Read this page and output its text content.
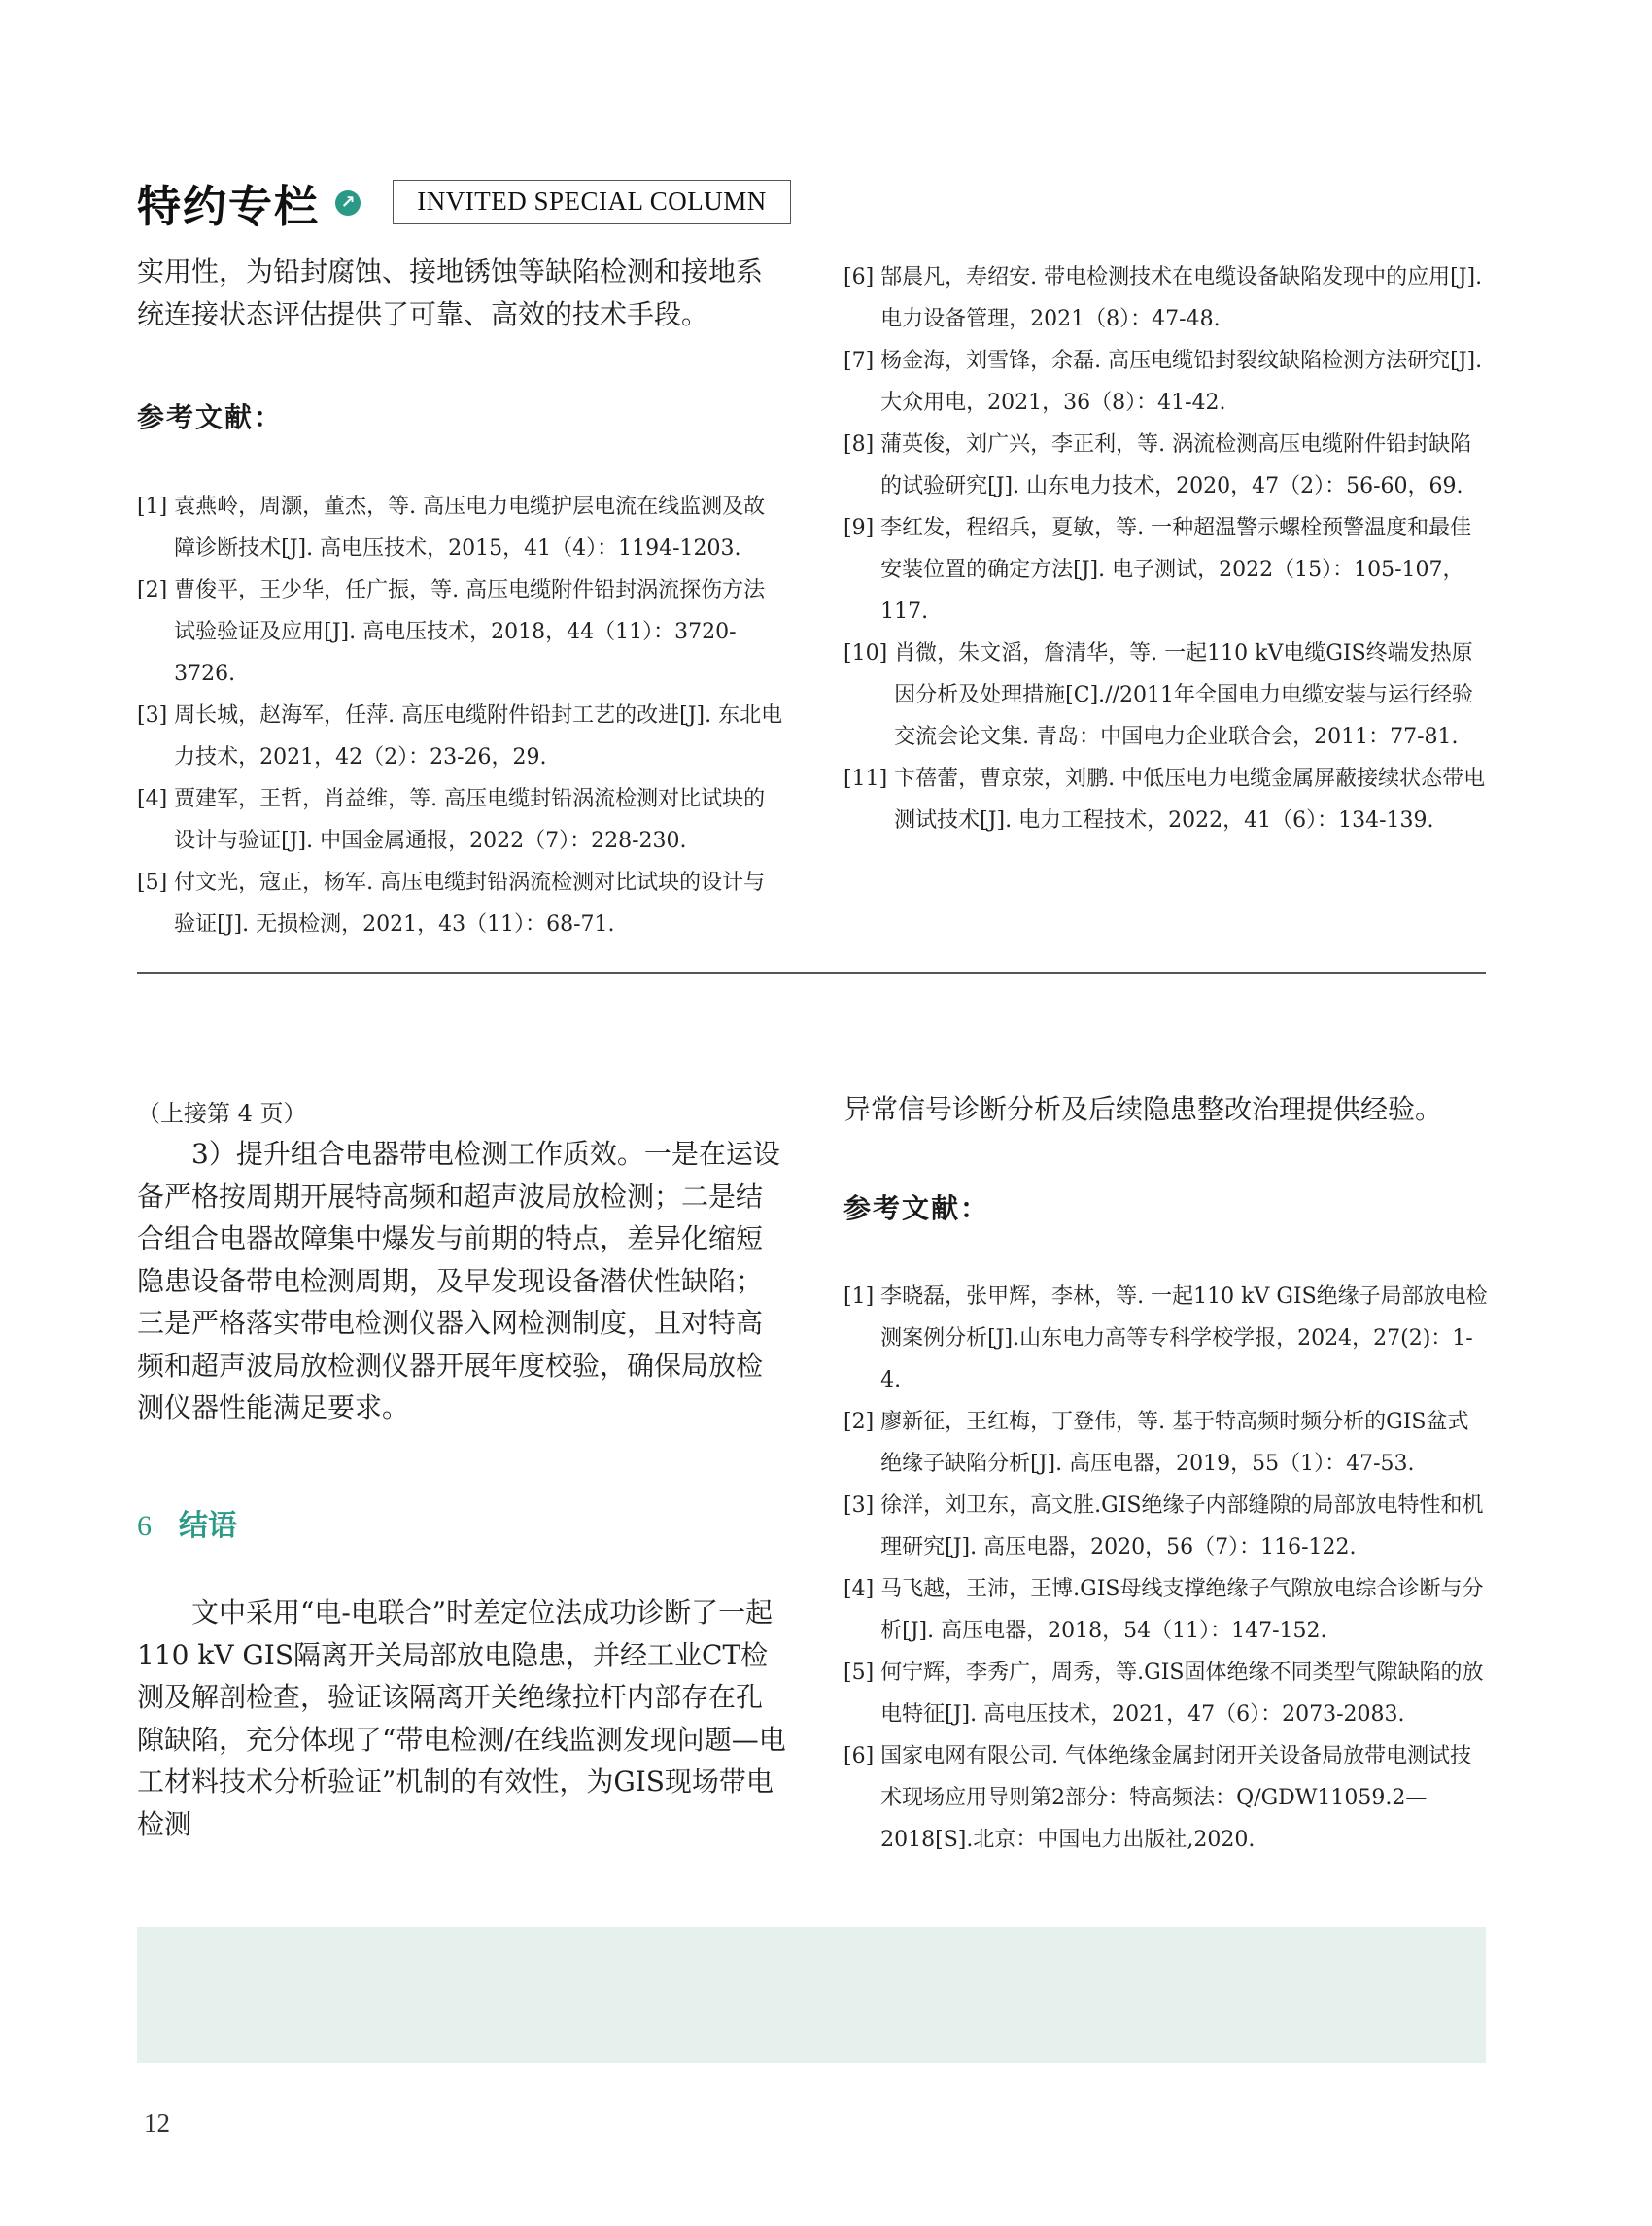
特约专栏	↗	INVITED SPECIAL COLUMN

实用性，为铅封腐蚀、接地锈蚀等缺陷检测和接地系统连接状态评估提供了可靠、高效的技术手段。

参考文献：
[1] 袁燕岭，周灏，董杰，等. 高压电力电缆护层电流在线监测及故障诊断技术[J]. 高电压技术，2015，41（4）：1194-1203.
[2] 曹俊平，王少华，任广振，等. 高压电缆附件铅封涡流探伤方法试验验证及应用[J]. 高电压技术，2018，44（11）：3720-3726.
[3] 周长城，赵海军，任萍. 高压电缆附件铅封工艺的改进[J]. 东北电力技术，2021，42（2）：23-26，29.
[4] 贾建军，王哲，肖益维，等. 高压电缆封铅涡流检测对比试块的设计与验证[J]. 中国金属通报，2022（7）：228-230.
[5] 付文光，寇正，杨军. 高压电缆封铅涡流检测对比试块的设计与验证[J]. 无损检测，2021，43（11）：68-71.
[6] 郜晨凡，寿绍安. 带电检测技术在电缆设备缺陷发现中的应用[J]. 电力设备管理，2021（8）：47-48.
[7] 杨金海，刘雪锋，余磊. 高压电缆铅封裂纹缺陷检测方法研究[J]. 大众用电，2021，36（8）：41-42.
[8] 蒲英俊，刘广兴，李正利，等. 涡流检测高压电缆附件铅封缺陷的试验研究[J]. 山东电力技术，2020，47（2）：56-60，69.
[9] 李红发，程绍兵，夏敏，等. 一种超温警示螺栓预警温度和最佳安装位置的确定方法[J]. 电子测试，2022（15）：105-107，117.
[10] 肖微，朱文滔，詹清华，等. 一起110 kV电缆GIS终端发热原因分析及处理措施[C].//2011年全国电力电缆安装与运行经验交流会论文集. 青岛：中国电力企业联合会，2011：77-81.
[11] 卞蓓蕾，曹京荥，刘鹏. 中低压电力电缆金属屏蔽接续状态带电测试技术[J]. 电力工程技术，2022，41（6）：134-139.
（上接第 4 页）

3）提升组合电器带电检测工作质效。一是在运设备严格按周期开展特高频和超声波局放检测；二是结合组合电器故障集中爆发与前期的特点，差异化缩短隐患设备带电检测周期，及早发现设备潜伏性缺陷；三是严格落实带电检测仪器入网检测制度，且对特高频和超声波局放检测仪器开展年度校验，确保局放检测仪器性能满足要求。

6 结语

文中采用“电-电联合”时差定位法成功诊断了一起110 kV GIS隔离开关局部放电隐患，并经工业CT检测及解剖检查，验证该隔离开关绝缘拉杆内部存在孔隙缺陷，充分体现了“带电检测/在线监测发现问题—电工材料技术分析验证”机制的有效性，为GIS现场带电检测

异常信号诊断分析及后续隐患整改治理提供经验。

参考文献：
[1] 李晓磊，张甲辉，李林，等. 一起110 kV GIS绝缘子局部放电检测案例分析[J].山东电力高等专科学校学报，2024，27(2)：1-4.
[2] 廖新征，王红梅，丁登伟，等. 基于特高频时频分析的GIS盆式绝缘子缺陷分析[J]. 高压电器，2019，55（1）：47-53.
[3] 徐洋，刘卫东，高文胜.GIS绝缘子内部缝隙的局部放电特性和机理研究[J]. 高压电器，2020，56（7）：116-122.
[4] 马飞越，王沛，王博.GIS母线支撑绝缘子气隙放电综合诊断与分析[J]. 高压电器，2018，54（11）：147-152.
[5] 何宁辉，李秀广，周秀，等.GIS固体绝缘不同类型气隙缺陷的放电特征[J]. 高电压技术，2021，47（6）：2073-2083.
[6] 国家电网有限公司. 气体绝缘金属封闭开关设备局放带电测试技术现场应用导则第2部分：特高频法：Q/GDW11059.2—2018[S].北京：中国电力出版社,2020.
12
